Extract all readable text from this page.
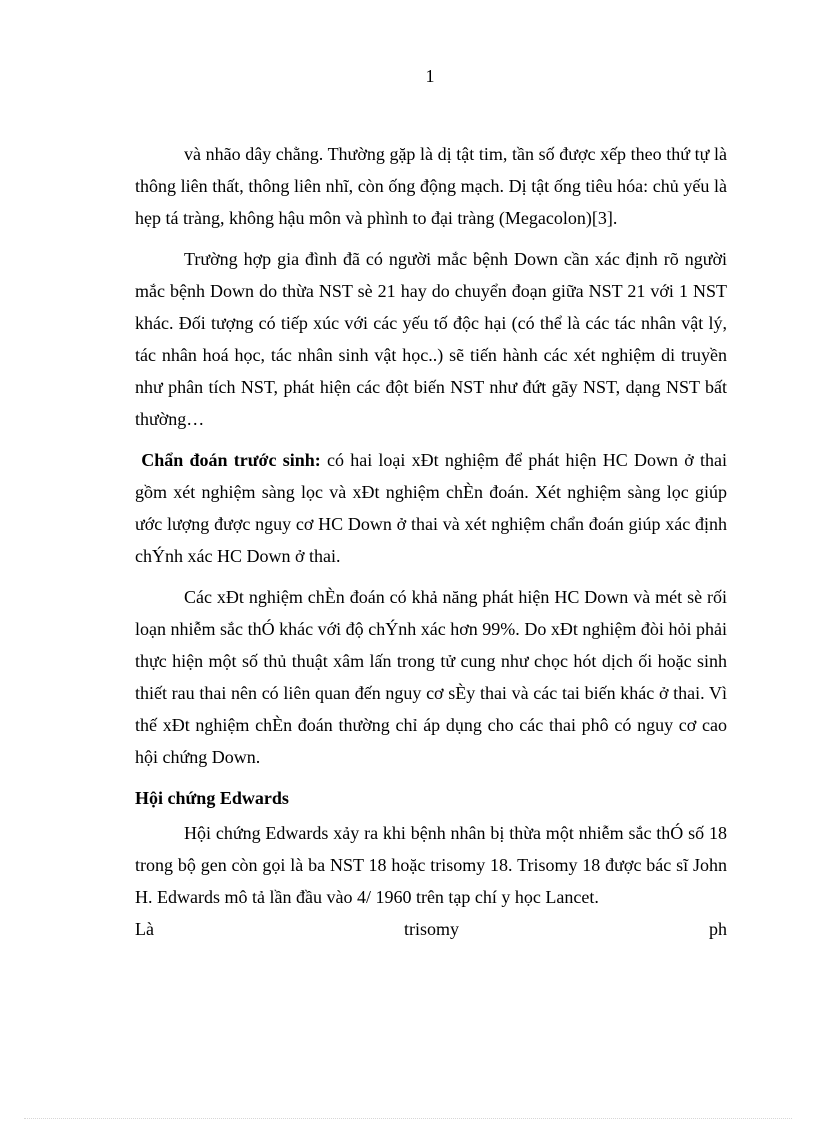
1

và nhão dây chằng. Thường gặp là dị tật tim, tần số được xếp theo thứ tự là thông liên thất, thông liên nhĩ, còn ống động mạch. Dị tật ống tiêu hóa: chủ yếu là hẹp tá tràng, không hậu môn và phình to đại tràng (Megacolon)[3].

Trường hợp gia đình đã có người mắc bệnh Down cần xác định rõ người mắc bệnh Down do thừa NST sè 21 hay do chuyển đoạn giữa NST 21 với 1 NST khác. Đối tượng có tiếp xúc với các yếu tố độc hại (có thể là các tác nhân vật lý, tác nhân hoá học, tác nhân sinh vật học..) sẽ tiến hành các xét nghiệm di truyền như phân tích NST, phát hiện các đột biến NST như đứt gãy NST, dạng NST bất thường…

Chẩn đoán trước sinh: có hai loại xÐt nghiệm để phát hiện HC Down ở thai gồm xét nghiệm sàng lọc và xÐt nghiệm chÈn đoán. Xét nghiệm sàng lọc giúp ước lượng được nguy cơ HC Down ở thai và xét nghiệm chẩn đoán giúp xác định chÝnh xác HC Down ở thai.

Các xÐt nghiệm chÈn đoán có khả năng phát hiện HC Down và mét sè rối loạn nhiễm sắc thÓ khác với độ chÝnh xác hơn 99%. Do xÐt nghiệm đòi hỏi phải thực hiện một số thủ thuật xâm lấn trong tử cung như chọc hót dịch ối hoặc sinh thiết rau thai nên có liên quan đến nguy cơ sÈy thai và các tai biến khác ở thai. Vì thế xÐt nghiệm chÈn đoán thường chỉ áp dụng cho các thai phô có nguy cơ cao hội chứng Down.

Hội chứng Edwards

Hội chứng Edwards xảy ra khi bệnh nhân bị thừa một nhiễm sắc thÓ số 18 trong bộ gen còn gọi là ba NST 18 hoặc trisomy 18. Trisomy 18 được bác sĩ John H. Edwards mô tả lần đầu vào 4/ 1960 trên tạp chí y học Lancet.

Là	trisomy	ph
